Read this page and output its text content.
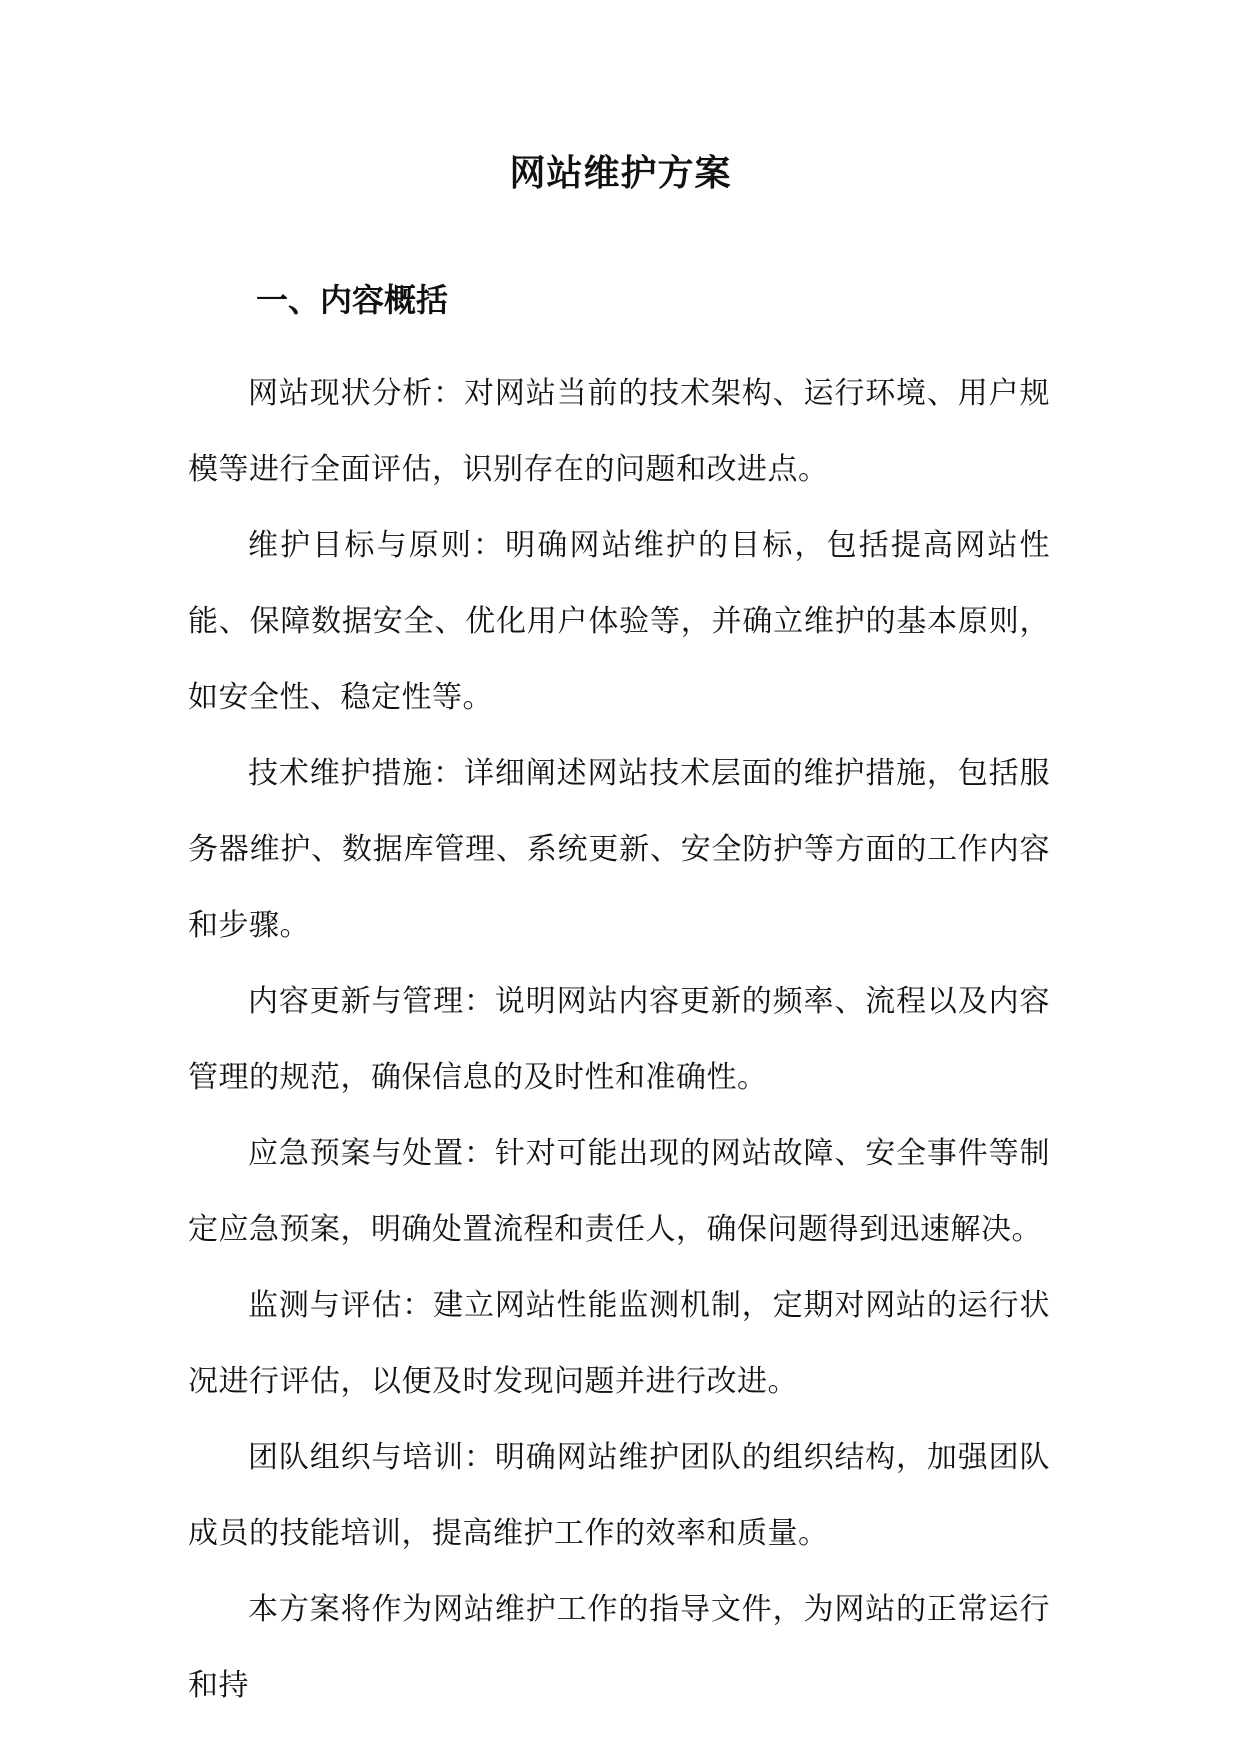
网站维护方案
一、内容概括

网站现状分析：对网站当前的技术架构、运行环境、用户规模等进行全面评估，识别存在的问题和改进点。

维护目标与原则：明确网站维护的目标，包括提高网站性能、保障数据安全、优化用户体验等，并确立维护的基本原则，如安全性、稳定性等。

技术维护措施：详细阐述网站技术层面的维护措施，包括服务器维护、数据库管理、系统更新、安全防护等方面的工作内容和步骤。

内容更新与管理：说明网站内容更新的频率、流程以及内容管理的规范，确保信息的及时性和准确性。

应急预案与处置：针对可能出现的网站故障、安全事件等制定应急预案，明确处置流程和责任人，确保问题得到迅速解决。

监测与评估：建立网站性能监测机制，定期对网站的运行状况进行评估，以便及时发现问题并进行改进。

团队组织与培训：明确网站维护团队的组织结构，加强团队成员的技能培训，提高维护工作的效率和质量。

本方案将作为网站维护工作的指导文件，为网站的正常运行和持
